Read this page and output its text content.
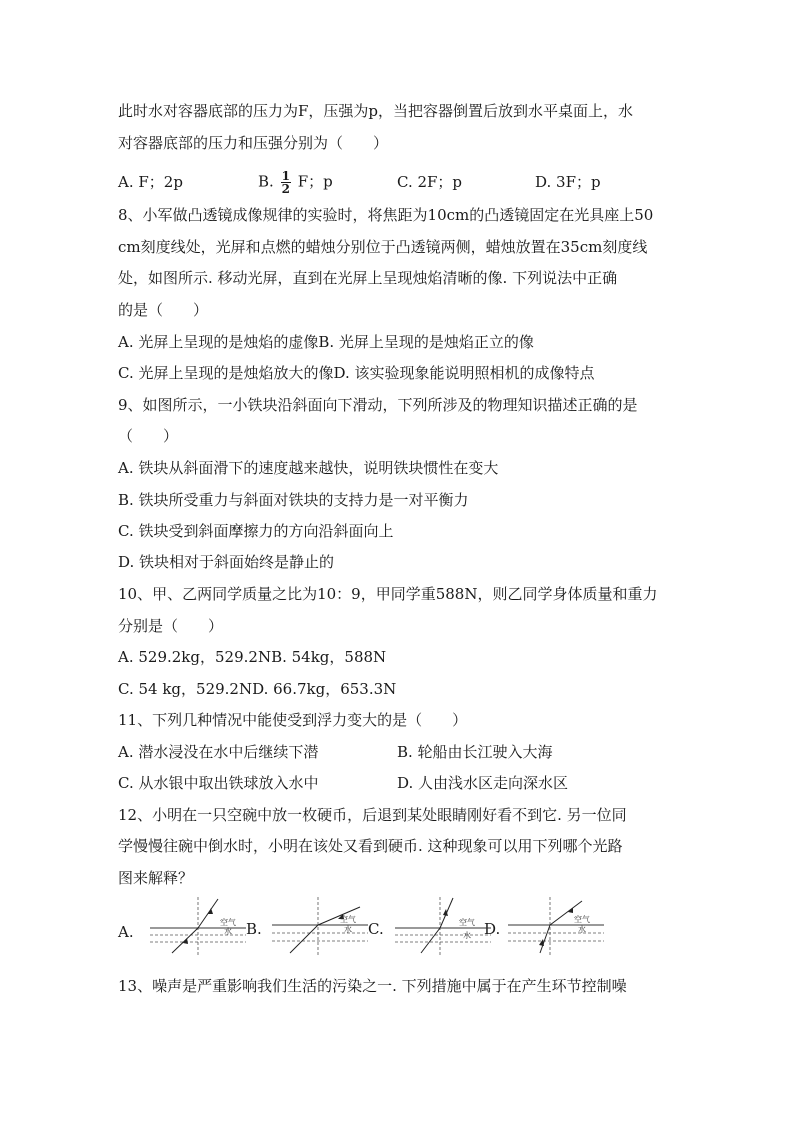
此时水对容器底部的压力为F，压强为p，当把容器倒置后放到水平桌面上，水
对容器底部的压力和压强分别为（　　）
A. F；2p	B. $\frac{1}{2}$ F；p	C. 2F；p	D. 3F；p
8、小军做凸透镜成像规律的实验时，将焦距为10cm的凸透镜固定在光具座上50
cm刻度线处，光屏和点燃的蜡烛分别位于凸透镜两侧，蜡烛放置在35cm刻度线
处，如图所示. 移动光屏，直到在光屏上呈现烛焰清晰的像. 下列说法中正确
的是（　　）
A. 光屏上呈现的是烛焰的虚像B. 光屏上呈现的是烛焰正立的像
C. 光屏上呈现的是烛焰放大的像D. 该实验现象能说明照相机的成像特点
9、如图所示，一小铁块沿斜面向下滑动，下列所涉及的物理知识描述正确的是
（　　）
A. 铁块从斜面滑下的速度越来越快，说明铁块惯性在变大
B. 铁块所受重力与斜面对铁块的支持力是一对平衡力
C. 铁块受到斜面摩擦力的方向沿斜面向上
D. 铁块相对于斜面始终是静止的
10、甲、乙两同学质量之比为10：9，甲同学重588N，则乙同学身体质量和重力
分别是（　　）
A. 529.2kg，529.2NB. 54kg，588N
C. 54 kg，529.2ND. 66.7kg，653.3N
11、下列几种情况中能使受到浮力变大的是（　　）
A. 潜水浸没在水中后继续下潜	B. 轮船由长江驶入大海
C. 从水银中取出铁球放入水中	D. 人由浅水区走向深水区
12、小明在一只空碗中放一枚硬币，后退到某处眼睛刚好看不到它. 另一位同
学慢慢往碗中倒水时，小明在该处又看到硬币. 这种现象可以用下列哪个光路
图来解释？
A.	B.	C.	D.
空气
水
空气
水
空气
水
空气
水
13、噪声是严重影响我们生活的污染之一. 下列措施中属于在产生环节控制噪
